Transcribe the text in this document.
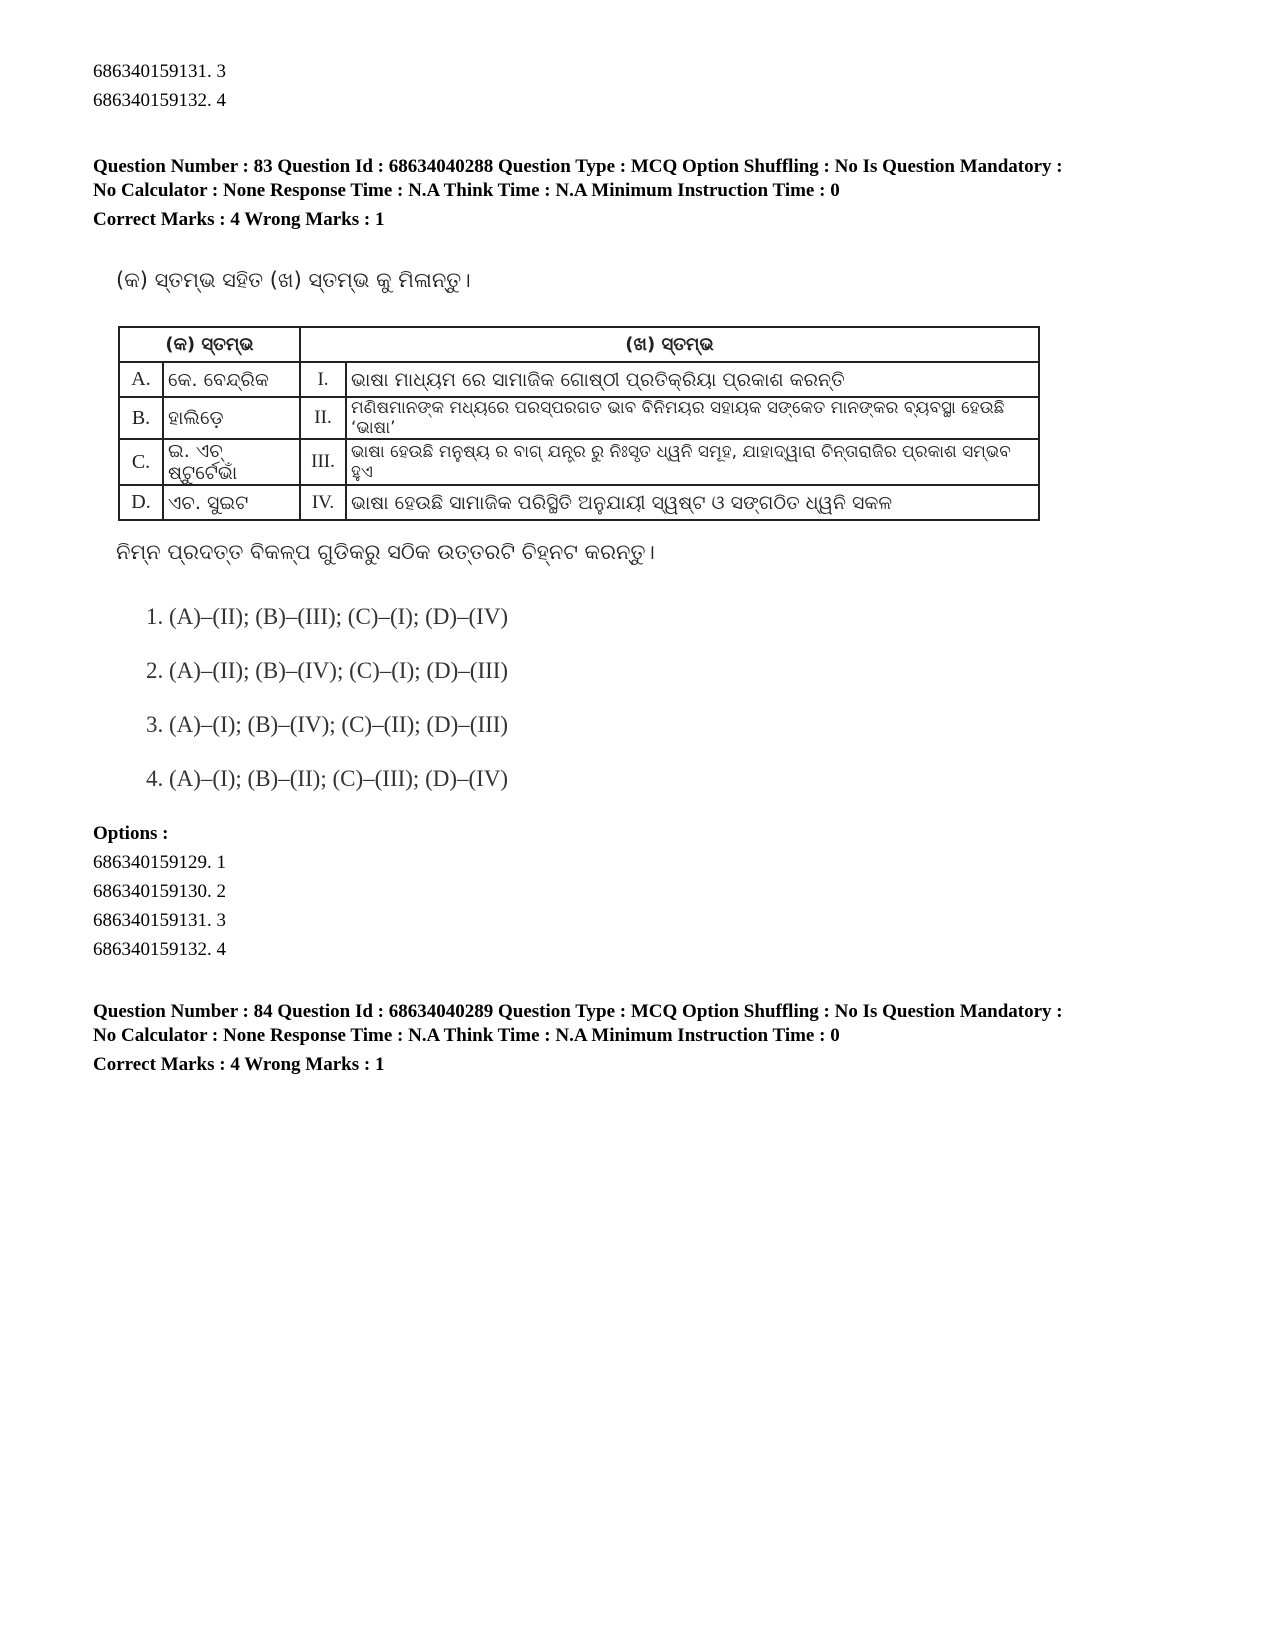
686340159131. 3
686340159132. 4
Question Number : 83 Question Id : 68634040288 Question Type : MCQ Option Shuffling : No Is Question Mandatory :
No Calculator : None Response Time : N.A Think Time : N.A Minimum Instruction Time : 0
Correct Marks : 4 Wrong Marks : 1
(କ) ସ୍ତମ୍ଭ ସହିତ (ଖ) ସ୍ତମ୍ଭ କୁ ମିଳାନ୍ତୁ।
(କ) ସ୍ତମ୍ଭ		(ଖ) ସ୍ତମ୍ଭ	
A.	କେ. ବେନ୍ଦ୍ରିକ	I.	ଭାଷା ମାଧ୍ୟମ ରେ ସାମାଜିକ ଗୋଷ୍ଠୀ ପ୍ରତିକ୍ରିୟା ପ୍ରକାଶ କରନ୍ତି
B.	ହାଲିଡ଼େ	II.	ମଣିଷମାନଙ୍କ ମଧ୍ୟରେ ପରସ୍ପରଗତ ଭାବ ବିନିମୟର ସହାୟକ ସଙ୍କେତ ମାନଙ୍କର ବ୍ୟବସ୍ଥା ହେଉଛି ‘ଭାଷା’
C.	ଇ. ଏଚ୍ ଷ୍ଟୁର୍ଟେଭାଁ	III.	ଭାଷା ହେଉଛି ମନୁଷ୍ୟ ର ବାଗ୍ ଯନ୍ତ୍ର ରୁ ନିଃସୃତ ଧ୍ୱନି ସମୂହ, ଯାହାଦ୍ୱାରା ଚିନ୍ତାରାଜିର ପ୍ରକାଶ ସମ୍ଭବ ହୁଏ
D.	ଏଚ. ସୁଇଟ	IV.	ଭାଷା ହେଉଛି ସାମାଜିକ ପରିସ୍ଥିତି ଅନୁଯାୟୀ ସ୍ୱଷ୍ଟ ଓ ସଙ୍ଗଠିତ ଧ୍ୱନି ସକଳ
ନିମ୍ନ ପ୍ରଦତ୍ତ ବିକଳ୍ପ ଗୁଡିକରୁ ସଠିକ ଉତ୍ତରଟି ଚିହ୍ନଟ କରନ୍ତୁ।
1. (A)–(II); (B)–(III); (C)–(I); (D)–(IV)
2. (A)–(II); (B)–(IV); (C)–(I); (D)–(III)
3. (A)–(I); (B)–(IV); (C)–(II); (D)–(III)
4. (A)–(I); (B)–(II); (C)–(III); (D)–(IV)
Options :
686340159129. 1
686340159130. 2
686340159131. 3
686340159132. 4
Question Number : 84 Question Id : 68634040289 Question Type : MCQ Option Shuffling : No Is Question Mandatory :
No Calculator : None Response Time : N.A Think Time : N.A Minimum Instruction Time : 0
Correct Marks : 4 Wrong Marks : 1
